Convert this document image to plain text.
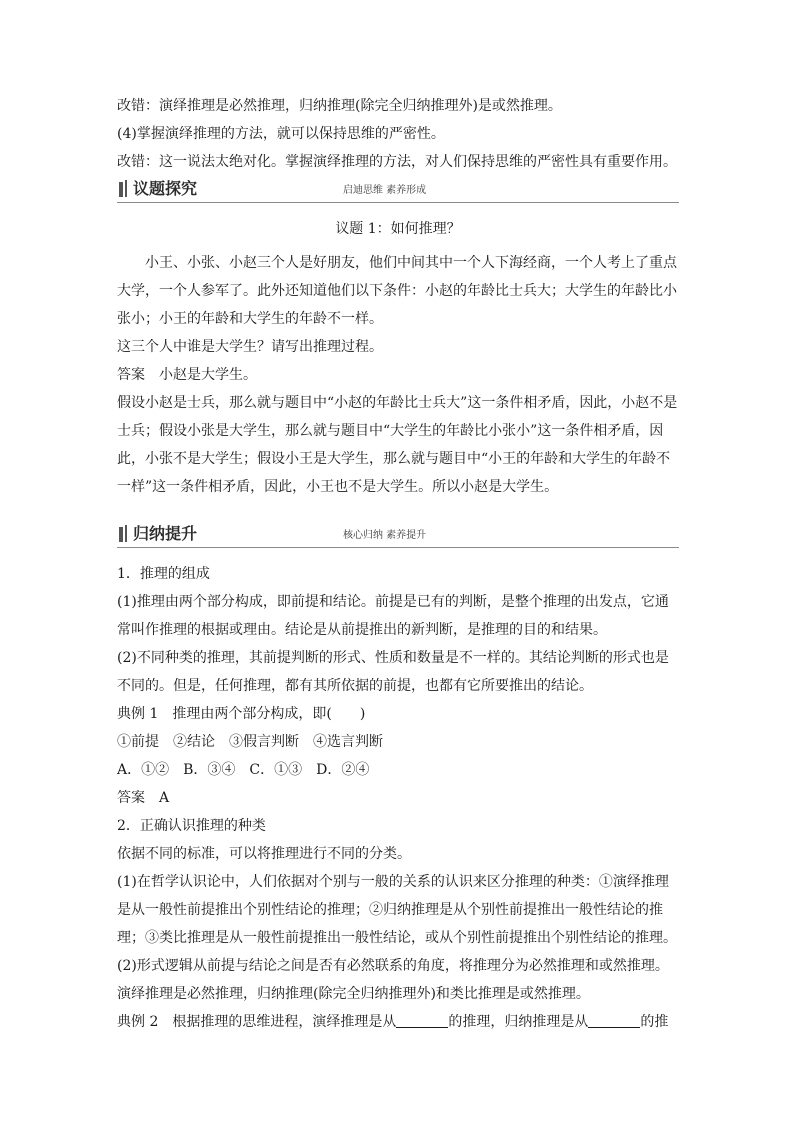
改错：演绎推理是必然推理，归纳推理(除完全归纳推理外)是或然推理。

(4)掌握演绎推理的方法，就可以保持思维的严密性。

改错：这一说法太绝对化。掌握演绎推理的方法，对人们保持思维的严密性具有重要作用。

议题探究	启迪思维 素养形成

议题 1：如何推理？

小王、小张、小赵三个人是好朋友，他们中间其中一个人下海经商，一个人考上了重点大学，一个人参军了。此外还知道他们以下条件：小赵的年龄比士兵大；大学生的年龄比小张小；小王的年龄和大学生的年龄不一样。

这三个人中谁是大学生？请写出推理过程。

答案　小赵是大学生。

假设小赵是士兵，那么就与题目中“小赵的年龄比士兵大”这一条件相矛盾，因此，小赵不是士兵；假设小张是大学生，那么就与题目中“大学生的年龄比小张小”这一条件相矛盾，因此，小张不是大学生；假设小王是大学生，那么就与题目中“小王的年龄和大学生的年龄不一样”这一条件相矛盾，因此，小王也不是大学生。所以小赵是大学生。

归纳提升	核心归纳 素养提升

1．推理的组成

(1)推理由两个部分构成，即前提和结论。前提是已有的判断，是整个推理的出发点，它通常叫作推理的根据或理由。结论是从前提推出的新判断，是推理的目的和结果。

(2)不同种类的推理，其前提判断的形式、性质和数量是不一样的。其结论判断的形式也是不同的。但是，任何推理，都有其所依据的前提，也都有它所要推出的结论。

典例 1　推理由两个部分构成，即(　　)

①前提　②结论　③假言判断　④选言判断

A．①②　B．③④　C．①③　D．②④

答案　A

2．正确认识推理的种类

依据不同的标准，可以将推理进行不同的分类。

(1)在哲学认识论中，人们依据对个别与一般的关系的认识来区分推理的种类：①演绎推理是从一般性前提推出个别性结论的推理；②归纳推理是从个别性前提推出一般性结论的推理；③类比推理是从一般性前提推出一般性结论，或从个别性前提推出个别性结论的推理。

(2)形式逻辑从前提与结论之间是否有必然联系的角度，将推理分为必然推理和或然推理。演绎推理是必然推理，归纳推理(除完全归纳推理外)和类比推理是或然推理。

典例 2　根据推理的思维进程，演绎推理是从	的推理，归纳推理是从	的推
